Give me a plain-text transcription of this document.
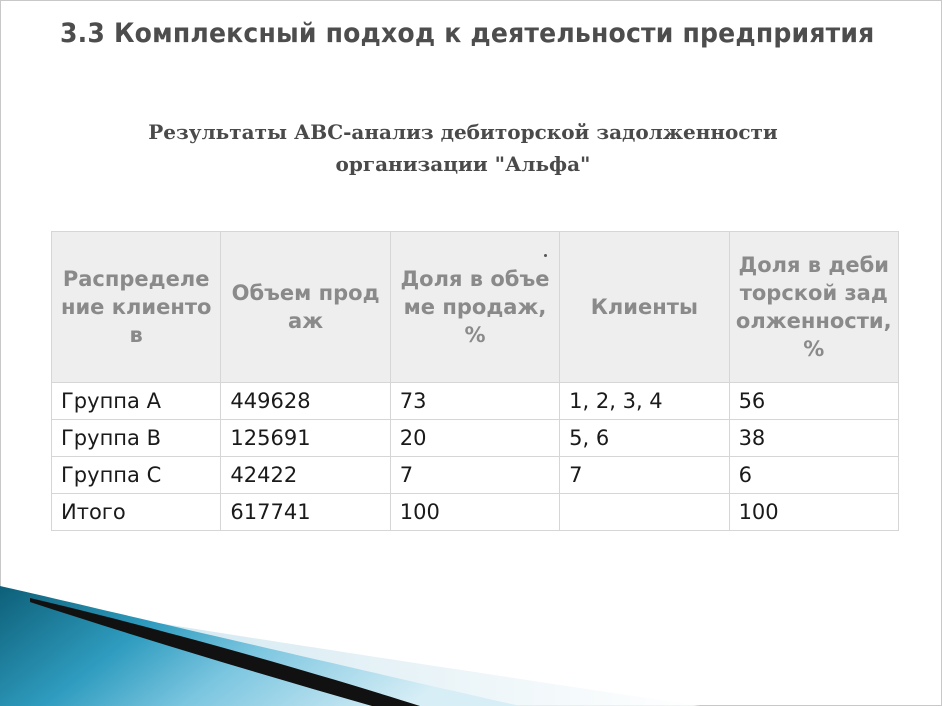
3.3 Комплексный подход к деятельности предприятия
Результаты АВС-анализ дебиторской задолженности
организации "Альфа"
Распределение клиентов	Объем продаж	Доля в объеме продаж, %	Клиенты	Доля в дебиторской задолженности, %
Группа А	449628	73	1, 2, 3, 4	56
Группа В	125691	20	5, 6	38
Группа С	42422	7	7	6
Итого	617741	100		100
